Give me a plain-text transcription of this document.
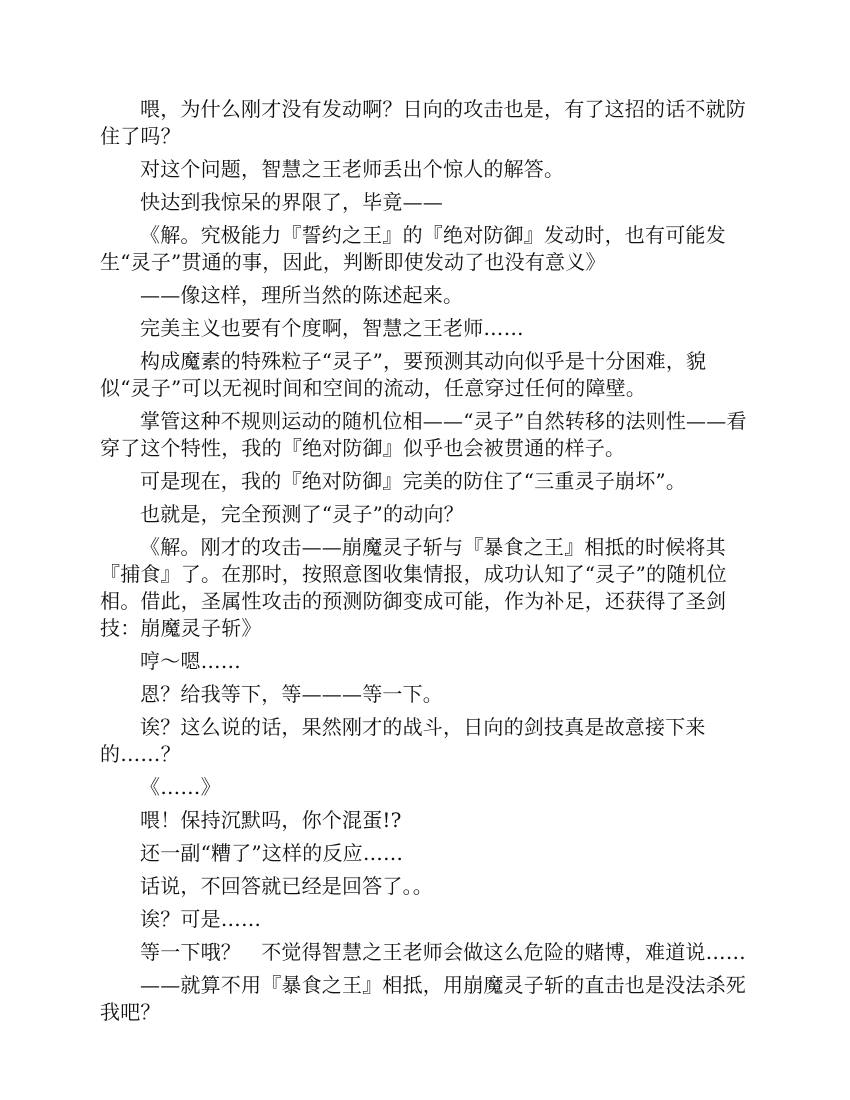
喂，为什么刚才没有发动啊？日向的攻击也是，有了这招的话不就防住了吗？

对这个问题，智慧之王老师丢出个惊人的解答。

快达到我惊呆的界限了，毕竟——

《解。究极能力『誓约之王』的『绝对防御』发动时，也有可能发生“灵子”贯通的事，因此，判断即使发动了也没有意义》

——像这样，理所当然的陈述起来。

完美主义也要有个度啊，智慧之王老师……

构成魔素的特殊粒子“灵子”，要预测其动向似乎是十分困难，貌似“灵子”可以无视时间和空间的流动，任意穿过任何的障壁。

掌管这种不规则运动的随机位相——“灵子”自然转移的法则性——看穿了这个特性，我的『绝对防御』似乎也会被贯通的样子。

可是现在，我的『绝对防御』完美的防住了“三重灵子崩坏”。

也就是，完全预测了“灵子”的动向？

《解。刚才的攻击——崩魔灵子斩与『暴食之王』相抵的时候将其『捕食』了。在那时，按照意图收集情报，成功认知了“灵子”的随机位相。借此，圣属性攻击的预测防御变成可能，作为补足，还获得了圣剑技：崩魔灵子斩》

哼～嗯……

恩？给我等下，等———等一下。

诶？这么说的话，果然刚才的战斗，日向的剑技真是故意接下来的……？

《……》

喂！保持沉默吗，你个混蛋!?

还一副“糟了”这样的反应……

话说，不回答就已经是回答了。。

诶？可是……

等一下哦？　不觉得智慧之王老师会做这么危险的赌博，难道说……

——就算不用『暴食之王』相抵，用崩魔灵子斩的直击也是没法杀死我吧？
